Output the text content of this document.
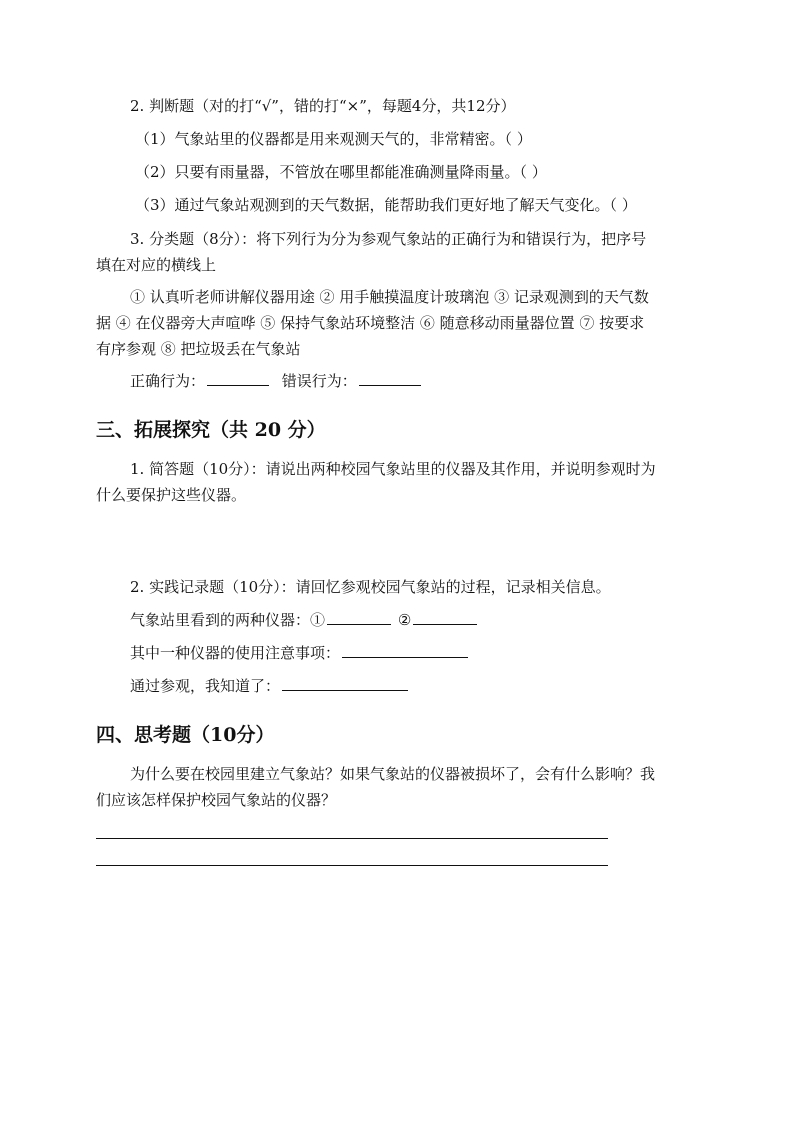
2. 判断题（对的打“√”，错的打“×”，每题4分，共12分）
（1）气象站里的仪器都是用来观测天气的，非常精密。（ ）
（2）只要有雨量器，不管放在哪里都能准确测量降雨量。（ ）
（3）通过气象站观测到的天气数据，能帮助我们更好地了解天气变化。（ ）
3. 分类题（8分）：将下列行为分为参观气象站的正确行为和错误行为，把序号
填在对应的横线上
① 认真听老师讲解仪器用途 ② 用手触摸温度计玻璃泡 ③ 记录观测到的天气数
据 ④ 在仪器旁大声喧哗 ⑤ 保持气象站环境整洁 ⑥ 随意移动雨量器位置 ⑦ 按要求
有序参观 ⑧ 把垃圾丢在气象站
正确行为：	错误行为：
三、拓展探究（共 20 分）
1. 简答题（10分）：请说出两种校园气象站里的仪器及其作用，并说明参观时为
什么要保护这些仪器。
2. 实践记录题（10分）：请回忆参观校园气象站的过程，记录相关信息。
气象站里看到的两种仪器：①	②
其中一种仪器的使用注意事项：
通过参观，我知道了：
四、思考题（10分）
为什么要在校园里建立气象站？如果气象站的仪器被损坏了，会有什么影响？我
们应该怎样保护校园气象站的仪器？
